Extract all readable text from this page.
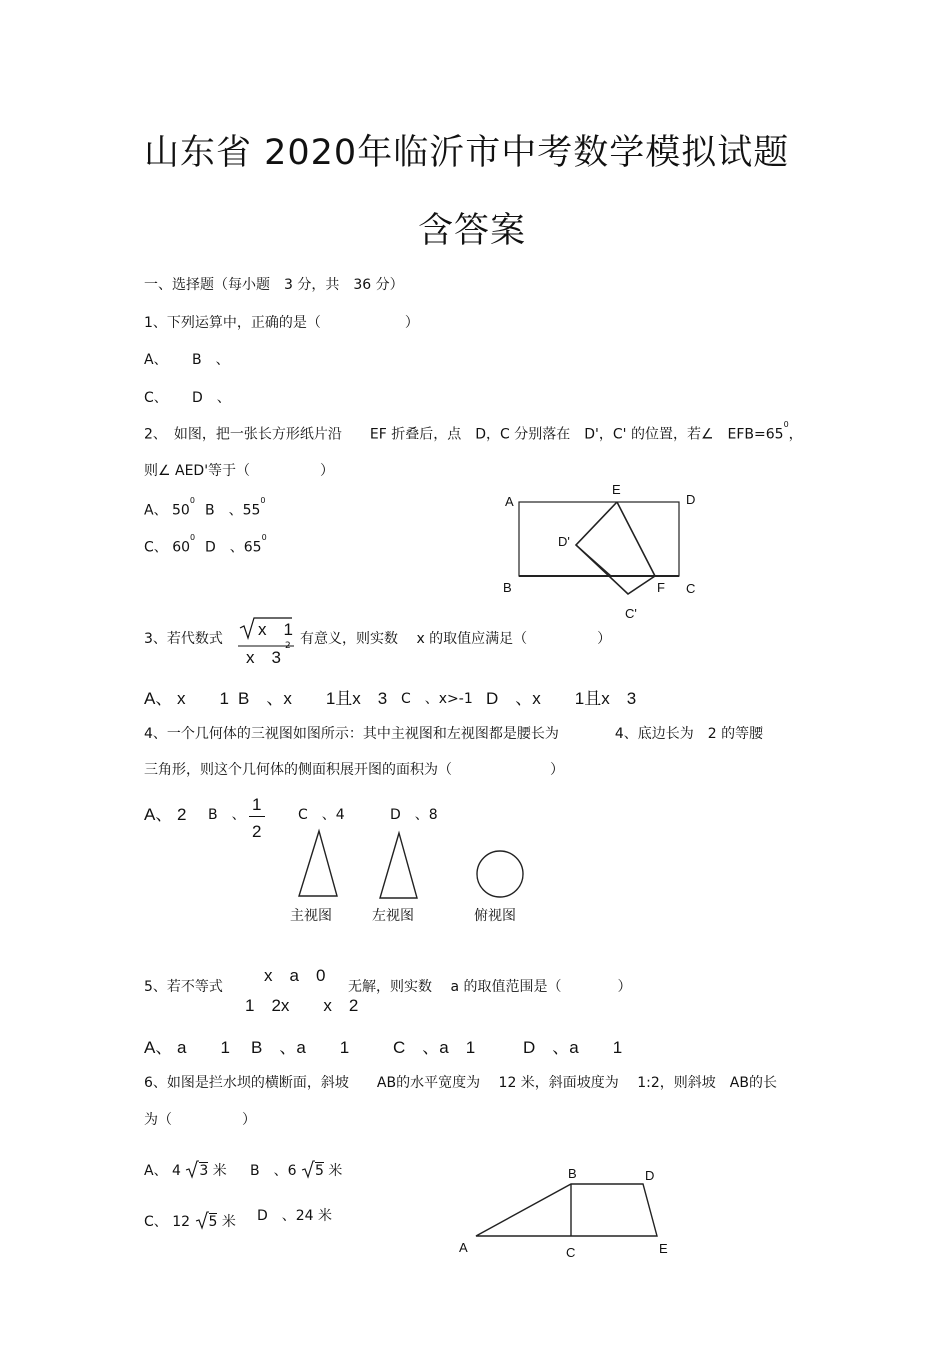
山东省 2020年临沂市中考数学模拟试题
含答案
一、选择题（每小题　3 分，共　36 分）
1、下列运算中，正确的是（　　　　　　）
A、 B　、
C、 D　、
2、　如图，把一张长方形纸片沿　　EF 折叠后，点　D，C 分别落在　D'，C' 的位置，若∠　$EFB=65^0$，
则∠ AED'等于（　　　　　）
A、 $50^0$
B　、$55^0$
C、 $60^0$
D　、$65^0$
A
E
D
D'
B	F C
C'
3、若代数式 x　1
x　3
2 有意义，则实数　 x 的取值应满足（　　　　　）
A、 x　　1 B　、x　　1且x　3 C　、x>-1 D　、x　　1且x　3
4、一个几何体的三视图如图所示：其中主视图和左视图都是腰长为　　　　4、底边长为　2 的等腰
三角形，则这个几何体的侧面积展开图的面积为（　　　　　　　）
A、 2 B　、
1
2
C　、4	D　、8
主视图	左视图	俯视图
5、若不等式
x　a　0
1　2x　　x　2
无解，则实数　 a 的取值范围是（　　　　）
A、 a　　1 B　、a　　1	C　、a　1	D　、a　　1
6、如图是拦水坝的横断面，斜坡　　AB的水平宽度为　 12 米，斜面坡度为　 1:2，则斜坡　AB的长
为（　　　　　）
A、 4 3 米 B　、6 5 米
C、 12 5 米 D　、24 米
A
B	D
C	E
